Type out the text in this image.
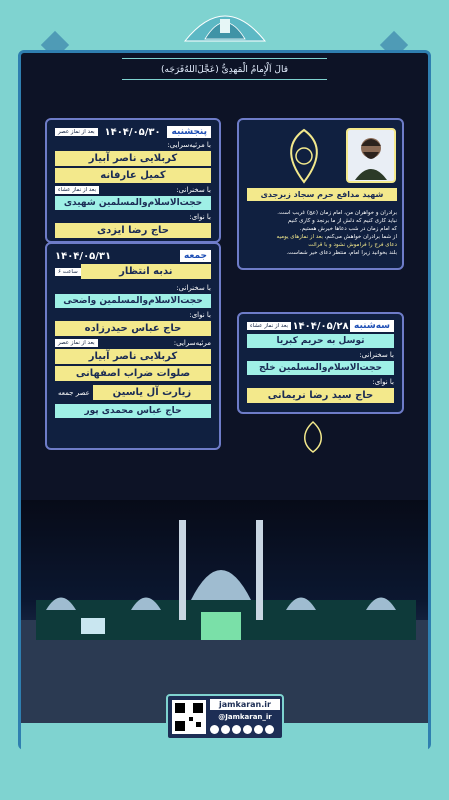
قالَ اَلْإِمامُ الْمَهدِیُّ (عَجَّلَ‌اللهُ‌فَرَجَه)
شهید مدافع حرم سجاد زبرجدی
برادران و خواهران من، امام زمان (عج) غریب است.
نباید کاری کنیم که دلش از ما برنجد و کاری کنیم
که امام زمان در شب دعاها خیرش هستیم.
از شما برادران خواهش می‌کنم، بعد از نمازهای یومیه
دعای فرج را فراموش نشود و با قرائت
بلند بخوانید زیرا امام، منتظر دعای خیر شماست.
سه‌شنبه
۱۴۰۴/۰۵/۲۸
بعد از نماز عشاء
توسل به حریم کبریا
با سخنرانی:
حجت‌الاسلام‌والمسلمین خلج
با نوای:
حاج سید رضا نریمانی
پنجشنبه
۱۴۰۴/۰۵/۳۰
بعد از نماز عصر
با مرثیه‌سرایی:
کربلایی ناصر آبیار
کمیل عارفانه
با سخنرانی:
بعد از نماز عشاء
حجت‌الاسلام‌والمسلمین شهیدی
با نوای:
حاج رضا ایزدی
جمعه
۱۴۰۴/۰۵/۳۱
ندبه انتظار
ساعت ۶
با سخنرانی:
حجت‌الاسلام‌والمسلمین واضحی
با نوای:
حاج عباس حیدرزاده
مرثیه‌سرایی:
بعد از نماز عصر
کربلایی ناصر آبیار
صلوات ضراب اصفهانی
زیارت آل یاسین
عصر جمعه
حاج عباس محمدی پور
jamkaran.ir
@Jamkaran_ir
